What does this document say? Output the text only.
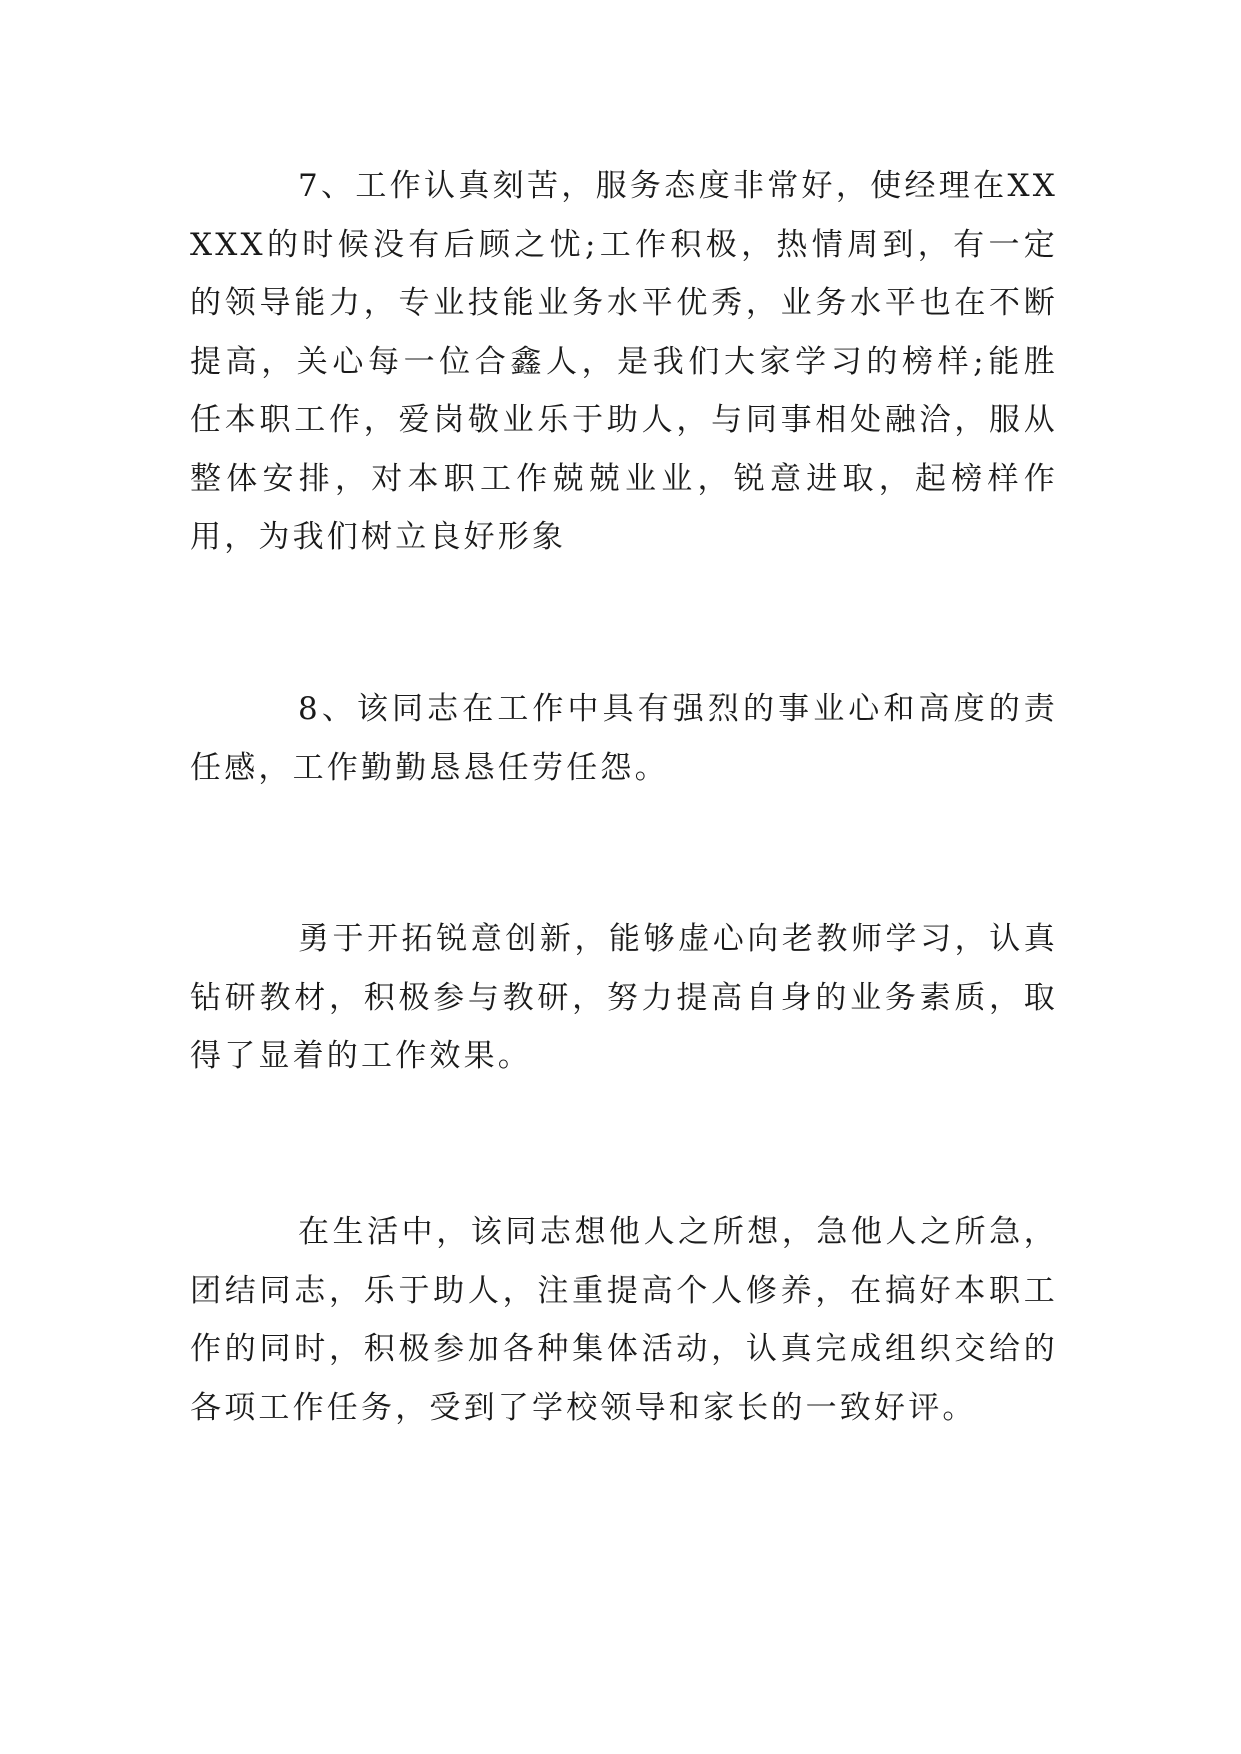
7、工作认真刻苦，服务态度非常好，使经理在XXXXX的时候没有后顾之忧;工作积极，热情周到，有一定的领导能力，专业技能业务水平优秀，业务水平也在不断提高，关心每一位合鑫人，是我们大家学习的榜样;能胜任本职工作，爱岗敬业乐于助人，与同事相处融洽，服从整体安排，对本职工作兢兢业业，锐意进取，起榜样作用，为我们树立良好形象

8、该同志在工作中具有强烈的事业心和高度的责任感，工作勤勤恳恳任劳任怨。

勇于开拓锐意创新，能够虚心向老教师学习，认真钻研教材，积极参与教研，努力提高自身的业务素质，取得了显着的工作效果。

在生活中，该同志想他人之所想，急他人之所急，团结同志，乐于助人，注重提高个人修养，在搞好本职工作的同时，积极参加各种集体活动，认真完成组织交给的各项工作任务，受到了学校领导和家长的一致好评。
